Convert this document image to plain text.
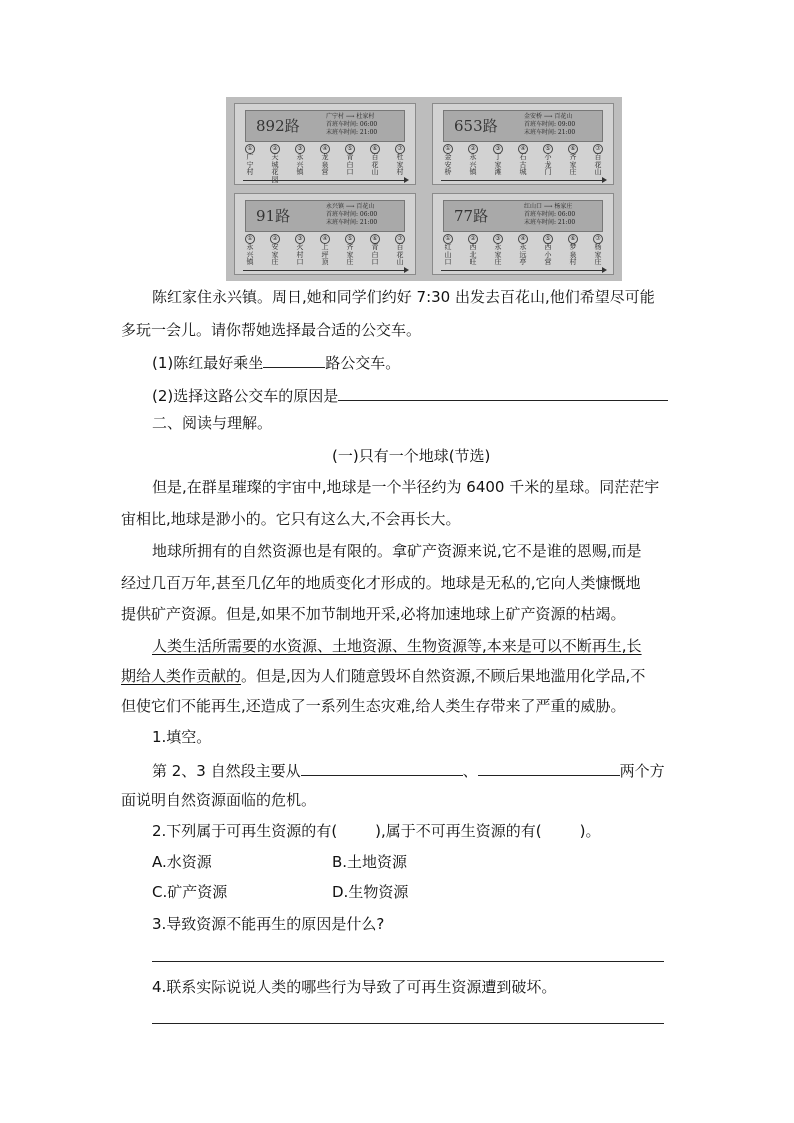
892路
广宁村 ⟶ 杜家村
首班车时间: 06:00
末班车时间: 21:00
①
广宁村
②
天城花
③
永兴镇
④
龙泉营
⑤
青白口
⑥
百花山
⑦
杜家村
653路
金安桥 ⟶ 百花山
首班车时间: 09:00
末班车时间: 21:00
①
金安桥
②
永兴镇
③
丁家滩
④
石古城
⑤
小龙门
⑥
齐家庄
⑦
百花山
91路
永兴镇 ⟶ 百花山
首班车时间: 06:00
末班车时间: 21:00
①
永兴镇
②
安家庄
③
火村口
④
上坪顶
⑤
齐家庄
⑥
青白口
⑦
百花山
77路
红山口 ⟶ 杨家庄
首班车时间: 06:00
末班车时间: 21:00
①
红山口
②
西北旺
③
永家庄
④
永远亭
⑤
西小营
⑥
梦泉村
⑦
杨家庄
陈红家住永兴镇。周日,她和同学们约好 7:30 出发去百花山,他们希望尽可能
多玩一会儿。请你帮她选择最合适的公交车。
(1)陈红最好乘坐	路公交车。
(2)选择这路公交车的原因是
二、阅读与理解。
(一)只有一个地球(节选)
但是,在群星璀璨的宇宙中,地球是一个半径约为 6400 千米的星球。同茫茫宇
宙相比,地球是渺小的。它只有这么大,不会再长大。
地球所拥有的自然资源也是有限的。拿矿产资源来说,它不是谁的恩赐,而是
经过几百万年,甚至几亿年的地质变化才形成的。地球是无私的,它向人类慷慨地
提供矿产资源。但是,如果不加节制地开采,必将加速地球上矿产资源的枯竭。
人类生活所需要的水资源、土地资源、生物资源等,本来是可以不断再生,长
期给人类作贡献的。但是,因为人们随意毁坏自然资源,不顾后果地滥用化学品,不
但使它们不能再生,还造成了一系列生态灾难,给人类生存带来了严重的威胁。
1.填空。
第 2、3 自然段主要从	、	两个方
面说明自然资源面临的危机。
2.下列属于可再生资源的有(	),属于不可再生资源的有(	)。
A.水资源	B.土地资源
C.矿产资源	D.生物资源
3.导致资源不能再生的原因是什么?
4.联系实际说说人类的哪些行为导致了可再生资源遭到破坏。
